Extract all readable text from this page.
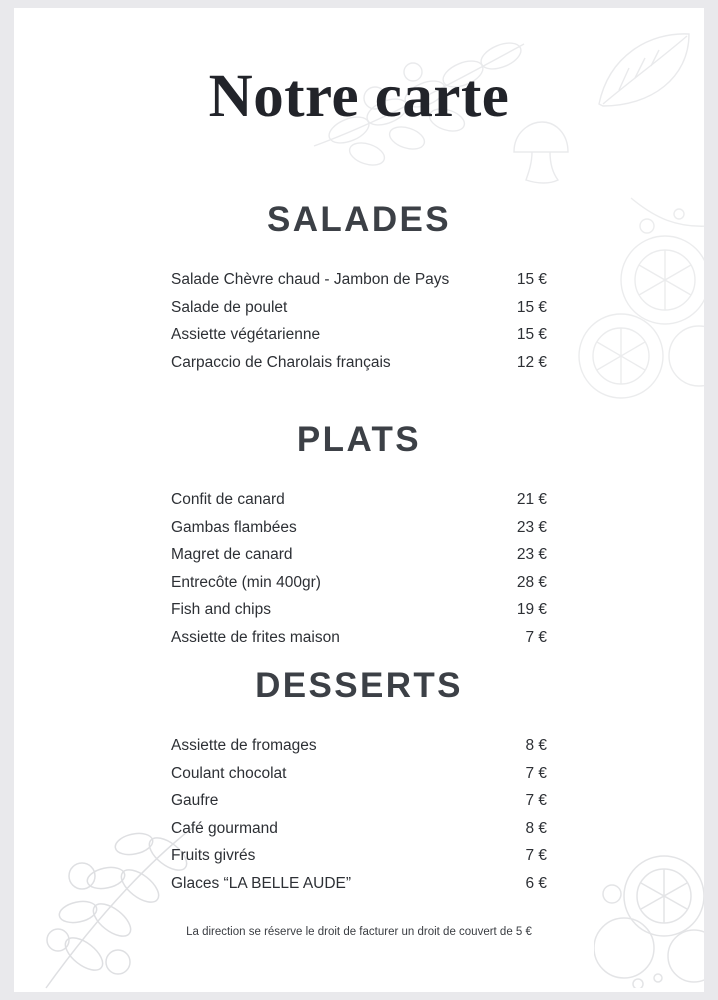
Notre carte
SALADES
Salade Chèvre chaud - Jambon de Pays	15 €
Salade de poulet	15 €
Assiette végétarienne	15 €
Carpaccio de Charolais français	12 €
PLATS
Confit de canard	21 €
Gambas flambées	23 €
Magret de canard	23 €
Entrecôte (min 400gr)	28 €
Fish and chips	19 €
Assiette de frites maison	7 €
DESSERTS
Assiette de fromages	8 €
Coulant chocolat	7 €
Gaufre	7 €
Café gourmand	8 €
Fruits givrés	7 €
Glaces “LA BELLE AUDE”	6 €
La direction se réserve le droit de facturer un droit de couvert de 5 €
